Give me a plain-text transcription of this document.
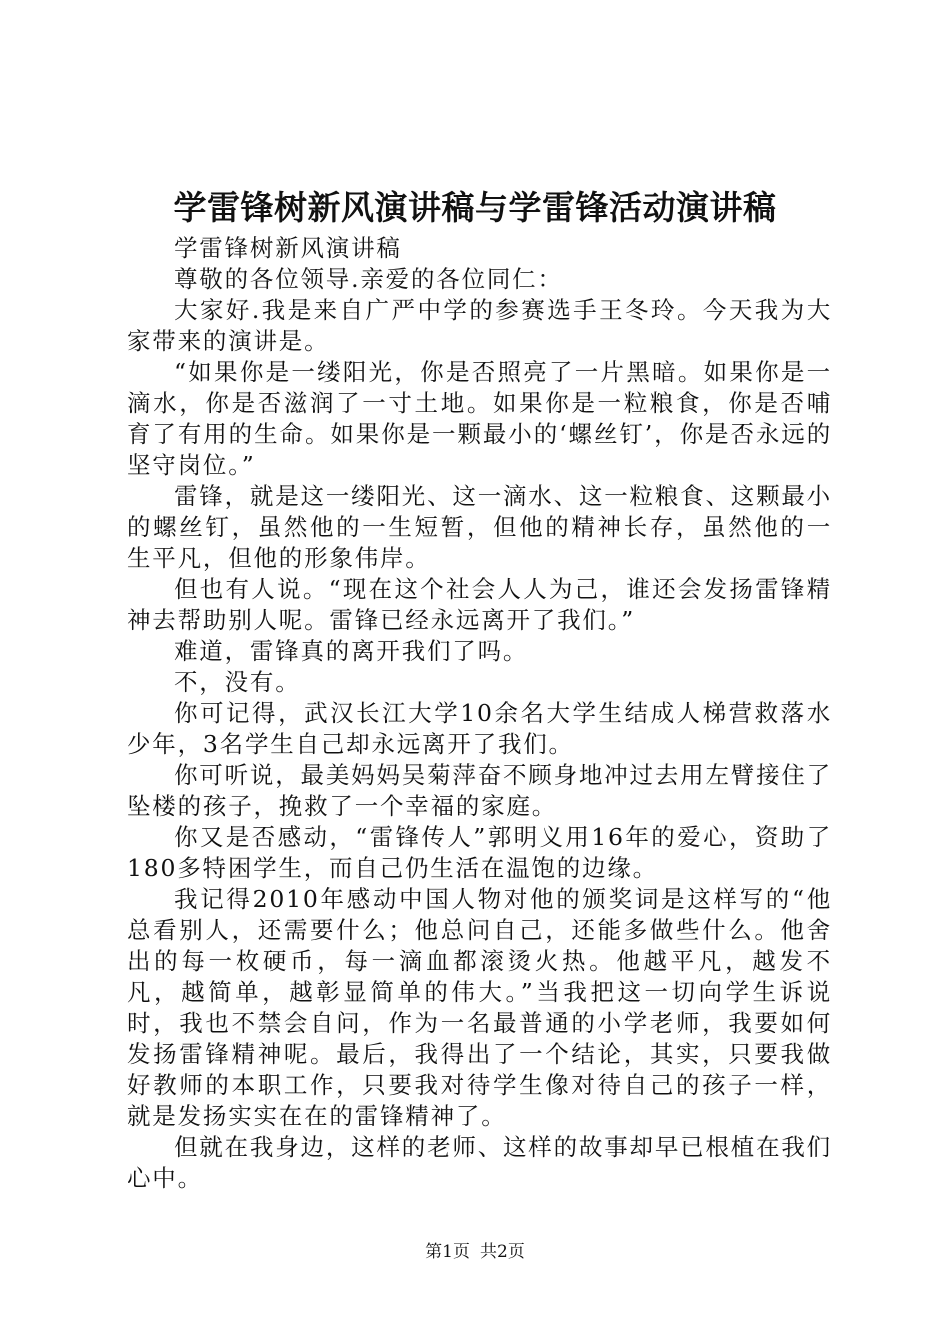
学雷锋树新风演讲稿与学雷锋活动演讲稿

学雷锋树新风演讲稿

尊敬的各位领导.亲爱的各位同仁：

大家好.我是来自广严中学的参赛选手王冬玲。今天我为大家带来的演讲是。

“如果你是一缕阳光，你是否照亮了一片黑暗。如果你是一滴水，你是否滋润了一寸土地。如果你是一粒粮食，你是否哺育了有用的生命。如果你是一颗最小的‘螺丝钉’，你是否永远的坚守岗位。”

雷锋，就是这一缕阳光、这一滴水、这一粒粮食、这颗最小的螺丝钉，虽然他的一生短暂，但他的精神长存，虽然他的一生平凡，但他的形象伟岸。

但也有人说。“现在这个社会人人为己，谁还会发扬雷锋精神去帮助别人呢。雷锋已经永远离开了我们。”

难道，雷锋真的离开我们了吗。

不，没有。

你可记得，武汉长江大学10余名大学生结成人梯营救落水少年，3名学生自己却永远离开了我们。

你可听说，最美妈妈吴菊萍奋不顾身地冲过去用左臂接住了坠楼的孩子，挽救了一个幸福的家庭。

你又是否感动，“雷锋传人”郭明义用16年的爱心，资助了180多特困学生，而自己仍生活在温饱的边缘。

我记得2010年感动中国人物对他的颁奖词是这样写的“他总看别人，还需要什么；他总问自己，还能多做些什么。他舍出的每一枚硬币，每一滴血都滚烫火热。他越平凡，越发不凡，越简单，越彰显简单的伟大。”当我把这一切向学生诉说时，我也不禁会自问，作为一名最普通的小学老师，我要如何发扬雷锋精神呢。最后，我得出了一个结论，其实，只要我做好教师的本职工作，只要我对待学生像对待自己的孩子一样，就是发扬实实在在的雷锋精神了。

但就在我身边，这样的老师、这样的故事却早已根植在我们心中。

第1页 共2页
